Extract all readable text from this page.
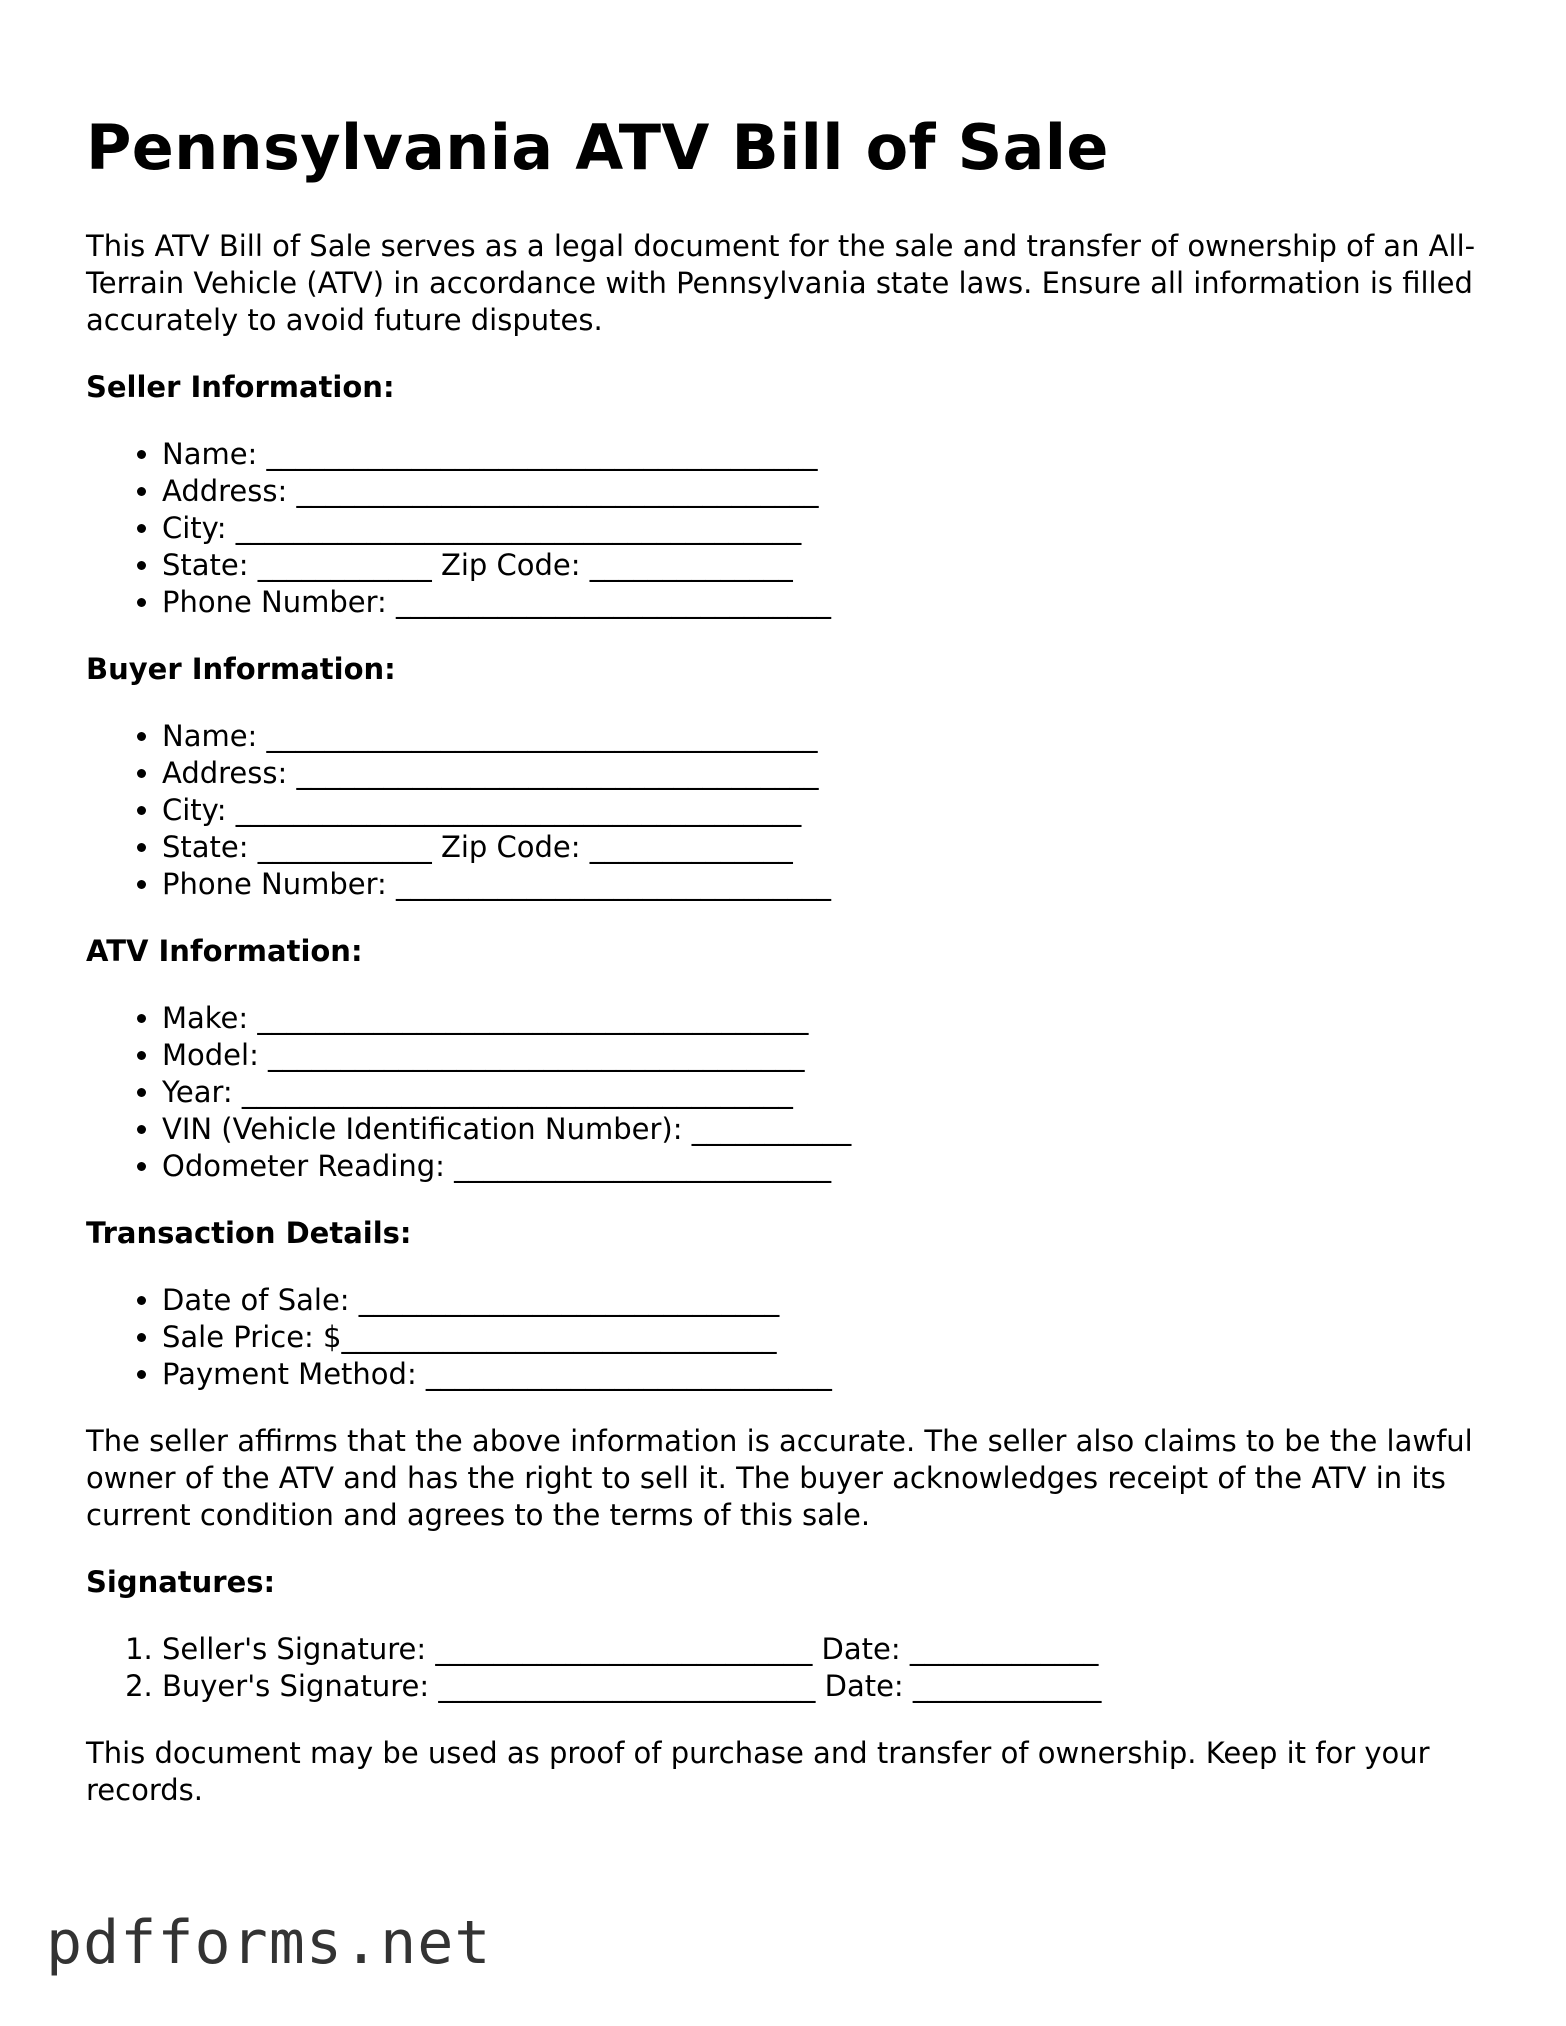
Pennsylvania ATV Bill of Sale

This ATV Bill of Sale serves as a legal document for the sale and transfer of ownership of an All-Terrain Vehicle (ATV) in accordance with Pennsylvania state laws. Ensure all information is filled accurately to avoid future disputes.

Seller Information:
• Name: ______________________________________
• Address: ____________________________________
• City: _______________________________________
• State: ____________ Zip Code: ______________
• Phone Number: ______________________________
Buyer Information:
• Name: ______________________________________
• Address: ____________________________________
• City: _______________________________________
• State: ____________ Zip Code: ______________
• Phone Number: ______________________________
ATV Information:
• Make: ______________________________________
• Model: _____________________________________
• Year: ______________________________________
• VIN (Vehicle Identification Number): ___________
• Odometer Reading: __________________________
Transaction Details:
• Date of Sale: _____________________________
• Sale Price: $______________________________
• Payment Method: ____________________________

The seller affirms that the above information is accurate. The seller also claims to be the lawful owner of the ATV and has the right to sell it. The buyer acknowledges receipt of the ATV in its current condition and agrees to the terms of this sale.

Signatures:
1. Seller's Signature: __________________________ Date: _____________
2. Buyer's Signature: __________________________ Date: _____________

This document may be used as proof of purchase and transfer of ownership. Keep it for your records.

pdfforms.net
